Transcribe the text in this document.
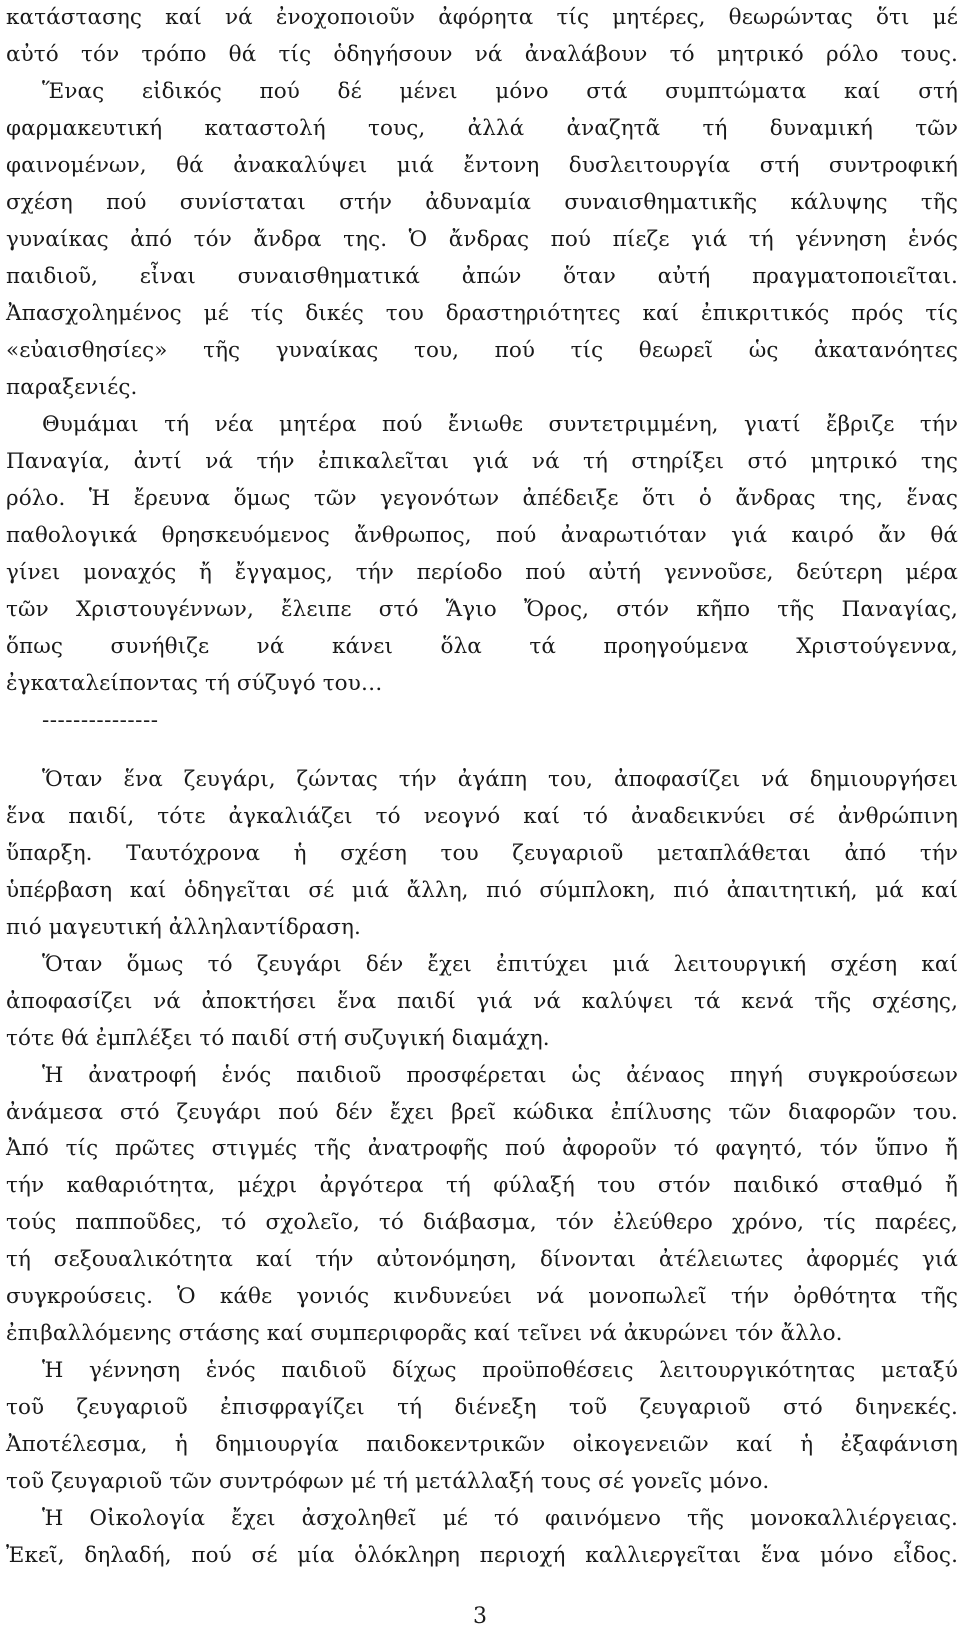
κατάστασης καί νά ἐνοχοποιοῦν ἀφόρητα τίς μητέρες, θεωρώντας ὅτι μέ
αὐτό τόν τρόπο θά τίς ὁδηγήσουν νά ἀναλάβουν τό μητρικό ρόλο τους.
Ἕνας εἰδικός πού δέ μένει μόνο στά συμπτώματα καί στή
φαρμακευτική καταστολή τους, ἀλλά ἀναζητᾶ τή δυναμική τῶν
φαινομένων, θά ἀνακαλύψει μιά ἔντονη δυσλειτουργία στή συντροφική
σχέση πού συνίσταται στήν ἀδυναμία συναισθηματικῆς κάλυψης τῆς
γυναίκας ἀπό τόν ἄνδρα της. Ὁ ἄνδρας πού πίεζε γιά τή γέννηση ἑνός
παιδιοῦ, εἶναι συναισθηματικά ἀπών ὅταν αὐτή πραγματοποιεῖται.
Ἀπασχολημένος μέ τίς δικές του δραστηριότητες καί ἐπικριτικός πρός τίς
«εὐαισθησίες» τῆς γυναίκας του, πού τίς θεωρεῖ ὡς ἀκατανόητες
παραξενιές.
Θυμάμαι τή νέα μητέρα πού ἔνιωθε συντετριμμένη, γιατί ἔβριζε τήν
Παναγία, ἀντί νά τήν ἐπικαλεῖται γιά νά τή στηρίξει στό μητρικό της
ρόλο. Ἡ ἔρευνα ὅμως τῶν γεγονότων ἀπέδειξε ὅτι ὁ ἄνδρας της, ἕνας
παθολογικά θρησκευόμενος ἄνθρωπος, πού ἀναρωτιόταν γιά καιρό ἄν θά
γίνει μοναχός ἤ ἔγγαμος, τήν περίοδο πού αὐτή γεννοῦσε, δεύτερη μέρα
τῶν Χριστουγέννων, ἔλειπε στό Ἅγιο Ὄρος, στόν κῆπο τῆς Παναγίας,
ὅπως συνήθιζε νά κάνει ὅλα τά προηγούμενα Χριστούγεννα,
ἐγκαταλείποντας τή σύζυγό του…
---------------
Ὅταν ἕνα ζευγάρι, ζώντας τήν ἀγάπη του, ἀποφασίζει νά δημιουργήσει
ἕνα παιδί, τότε ἀγκαλιάζει τό νεογνό καί τό ἀναδεικνύει σέ ἀνθρώπινη
ὕπαρξη. Ταυτόχρονα ἡ σχέση του ζευγαριοῦ μεταπλάθεται ἀπό τήν
ὑπέρβαση καί ὁδηγεῖται σέ μιά ἄλλη, πιό σύμπλοκη, πιό ἀπαιτητική, μά καί
πιό μαγευτική ἀλληλαντίδραση.
Ὅταν ὅμως τό ζευγάρι δέν ἔχει ἐπιτύχει μιά λειτουργική σχέση καί
ἀποφασίζει νά ἀποκτήσει ἕνα παιδί γιά νά καλύψει τά κενά τῆς σχέσης,
τότε θά ἐμπλέξει τό παιδί στή συζυγική διαμάχη.
Ἡ ἀνατροφή ἑνός παιδιοῦ προσφέρεται ὡς ἀέναος πηγή συγκρούσεων
ἀνάμεσα στό ζευγάρι πού δέν ἔχει βρεῖ κώδικα ἐπίλυσης τῶν διαφορῶν του.
Ἀπό τίς πρῶτες στιγμές τῆς ἀνατροφῆς πού ἀφοροῦν τό φαγητό, τόν ὕπνο ἤ
τήν καθαριότητα, μέχρι ἀργότερα τή φύλαξή του στόν παιδικό σταθμό ἤ
τούς παπποῦδες, τό σχολεῖο, τό διάβασμα, τόν ἐλεύθερο χρόνο, τίς παρέες,
τή σεξουαλικότητα καί τήν αὐτονόμηση, δίνονται ἀτέλειωτες ἀφορμές γιά
συγκρούσεις. Ὁ κάθε γονιός κινδυνεύει νά μονοπωλεῖ τήν ὀρθότητα τῆς
ἐπιβαλλόμενης στάσης καί συμπεριφορᾶς καί τεῖνει νά ἀκυρώνει τόν ἄλλο.
Ἡ γέννηση ἑνός παιδιοῦ δίχως προϋποθέσεις λειτουργικότητας μεταξύ
τοῦ ζευγαριοῦ ἐπισφραγίζει τή διένεξη τοῦ ζευγαριοῦ στό διηνεκές.
Ἀποτέλεσμα, ἡ δημιουργία παιδοκεντρικῶν οἰκογενειῶν καί ἡ ἐξαφάνιση
τοῦ ζευγαριοῦ τῶν συντρόφων μέ τή μετάλλαξή τους σέ γονεῖς μόνο.
Ἡ Οἰκολογία ἔχει ἀσχοληθεῖ μέ τό φαινόμενο τῆς μονοκαλλιέργειας.
Ἐκεῖ, δηλαδή, πού σέ μία ὁλόκληρη περιοχή καλλιεργεῖται ἕνα μόνο εἶδος.
3
